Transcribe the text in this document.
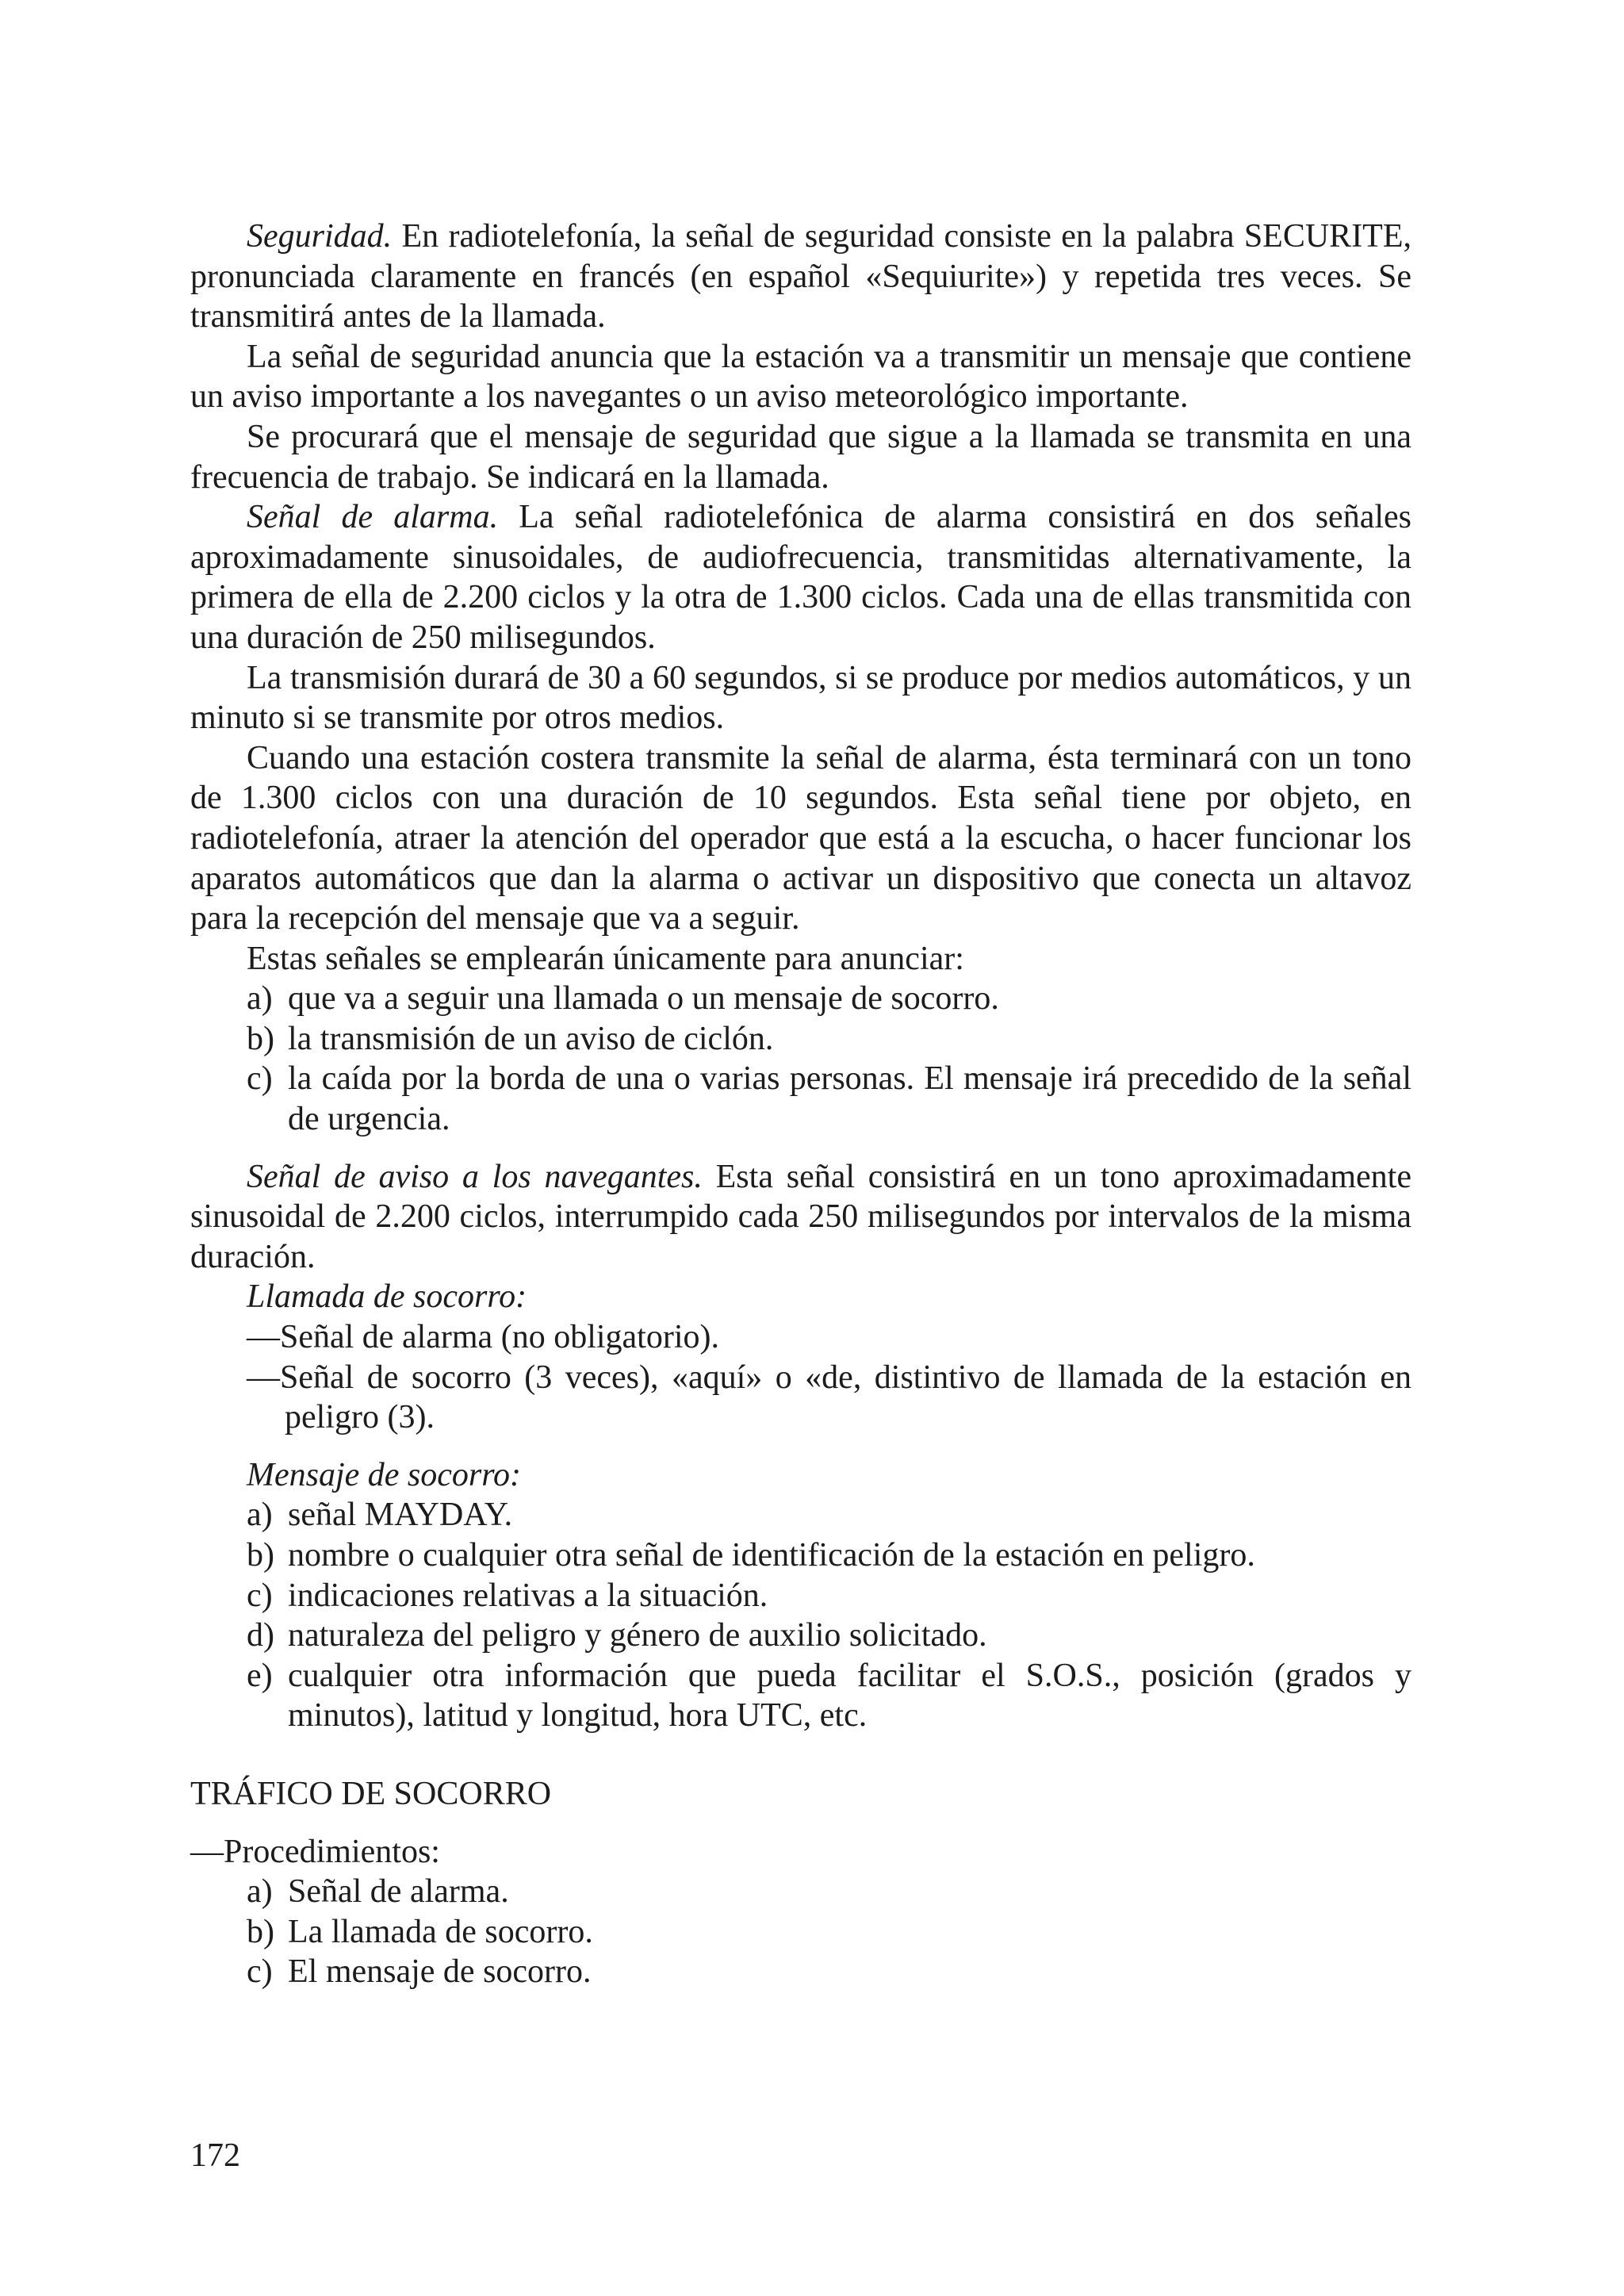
Seguridad. En radiotelefonía, la señal de seguridad consiste en la palabra SECURITE, pronunciada claramente en francés (en español «Sequiurite») y repetida tres veces. Se transmitirá antes de la llamada.

La señal de seguridad anuncia que la estación va a transmitir un mensaje que contiene un aviso importante a los navegantes o un aviso meteorológico importante.

Se procurará que el mensaje de seguridad que sigue a la llamada se transmita en una frecuencia de trabajo. Se indicará en la llamada.

Señal de alarma. La señal radiotelefónica de alarma consistirá en dos señales aproximadamente sinusoidales, de audiofrecuencia, transmitidas alternativamente, la primera de ella de 2.200 ciclos y la otra de 1.300 ciclos. Cada una de ellas transmitida con una duración de 250 milisegundos.

La transmisión durará de 30 a 60 segundos, si se produce por medios automáticos, y un minuto si se transmite por otros medios.

Cuando una estación costera transmite la señal de alarma, ésta terminará con un tono de 1.300 ciclos con una duración de 10 segundos. Esta señal tiene por objeto, en radiotelefonía, atraer la atención del operador que está a la escucha, o hacer funcionar los aparatos automáticos que dan la alarma o activar un dispositivo que conecta un altavoz para la recepción del mensaje que va a seguir.

Estas señales se emplearán únicamente para anunciar:

a) que va a seguir una llamada o un mensaje de socorro.
b) la transmisión de un aviso de ciclón.
c) la caída por la borda de una o varias personas. El mensaje irá precedido de la señal de urgencia.

Señal de aviso a los navegantes. Esta señal consistirá en un tono aproximadamente sinusoidal de 2.200 ciclos, interrumpido cada 250 milisegundos por intervalos de la misma duración.

Llamada de socorro:

—Señal de alarma (no obligatorio).

—Señal de socorro (3 veces), «aquí» o «de, distintivo de llamada de la estación en peligro (3).

Mensaje de socorro:

a) señal MAYDAY.
b) nombre o cualquier otra señal de identificación de la estación en peligro.
c) indicaciones relativas a la situación.
d) naturaleza del peligro y género de auxilio solicitado.
e) cualquier otra información que pueda facilitar el S.O.S., posición (grados y minutos), latitud y longitud, hora UTC, etc.

TRÁFICO DE SOCORRO

—Procedimientos:

a) Señal de alarma.
b) La llamada de socorro.
c) El mensaje de socorro.
172
